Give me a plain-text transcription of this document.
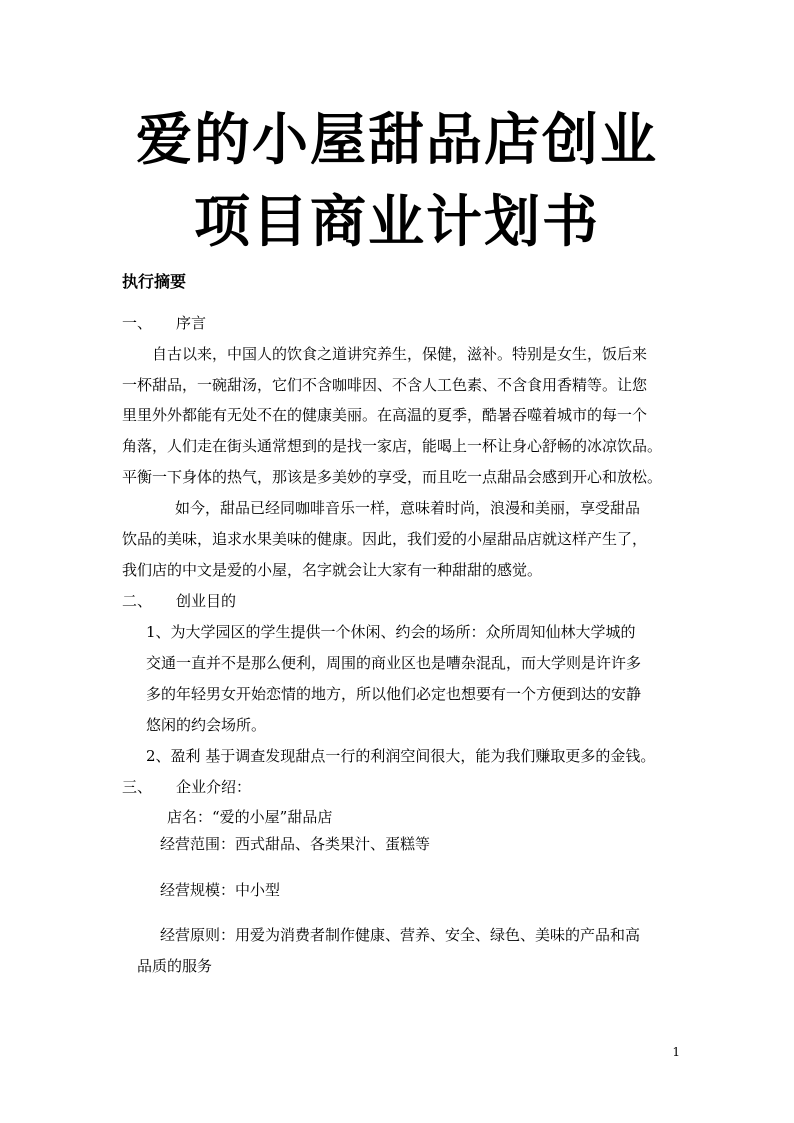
爱的小屋甜品店创业
项目商业计划书
执行摘要
一、 序言
自古以来，中国人的饮食之道讲究养生，保健，滋补。特别是女生，饭后来
一杯甜品，一碗甜汤，它们不含咖啡因、不含人工色素、不含食用香精等。让您
里里外外都能有无处不在的健康美丽。在高温的夏季，酷暑吞噬着城市的每一个
角落，人们走在街头通常想到的是找一家店，能喝上一杯让身心舒畅的冰凉饮品。
平衡一下身体的热气，那该是多美妙的享受，而且吃一点甜品会感到开心和放松。
如今，甜品已经同咖啡音乐一样，意味着时尚，浪漫和美丽，享受甜品
饮品的美味，追求水果美味的健康。因此，我们爱的小屋甜品店就这样产生了，
我们店的中文是爱的小屋，名字就会让大家有一种甜甜的感觉。
二、 创业目的
1、为大学园区的学生提供一个休闲、约会的场所：众所周知仙林大学城的
交通一直并不是那么便利，周围的商业区也是嘈杂混乱，而大学则是许许多
多的年轻男女开始恋情的地方，所以他们必定也想要有一个方便到达的安静
悠闲的约会场所。
2、盈利 基于调查发现甜点一行的利润空间很大，能为我们赚取更多的金钱。
三、 企业介绍：
店名：“爱的小屋”甜品店
经营范围：西式甜品、各类果汁、蛋糕等
经营规模：中小型
经营原则：用爱为消费者制作健康、营养、安全、绿色、美味的产品和高
品质的服务
1
